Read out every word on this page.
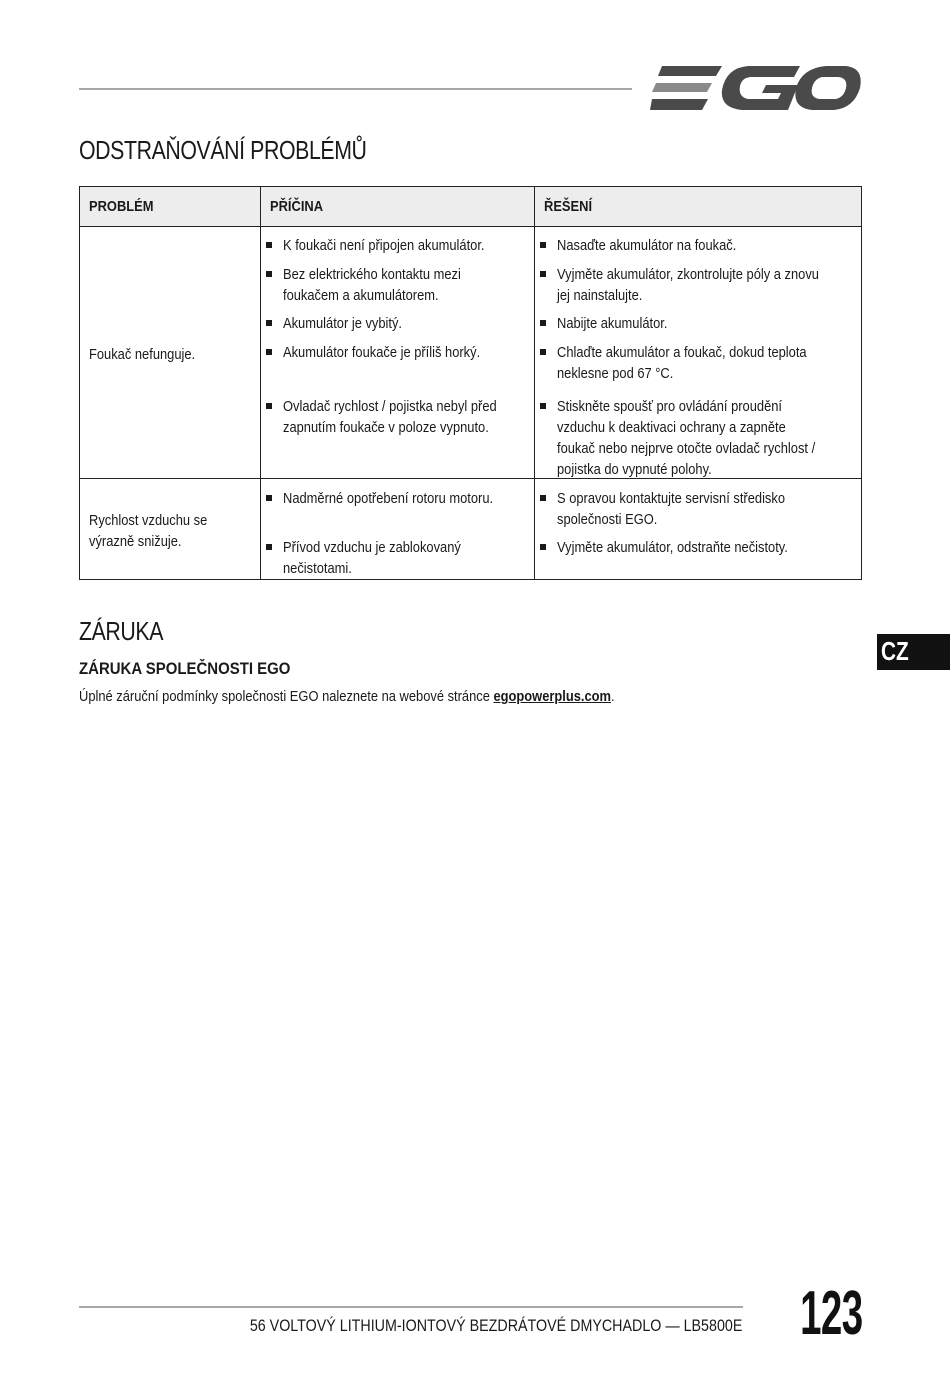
ODSTRAŇOVÁNÍ PROBLÉMŮ
PROBLÉM	PŘÍČINA	ŘEŠENÍ
Foukač nefunguje.
K foukači není připojen akumulátor.
Bez elektrického kontaktu mezi
foukačem a akumulátorem.
Akumulátor je vybitý.
Akumulátor foukače je příliš horký.
Ovladač rychlost / pojistka nebyl před
zapnutím foukače v poloze vypnuto.
Nasaďte akumulátor na foukač.
Vyjměte akumulátor, zkontrolujte póly a znovu
jej nainstalujte.
Nabijte akumulátor.
Chlaďte akumulátor a foukač, dokud teplota
neklesne pod 67 °C.
Stiskněte spoušť pro ovládání proudění
vzduchu k deaktivaci ochrany a zapněte
foukač nebo nejprve otočte ovladač rychlost /
pojistka do vypnuté polohy.
Rychlost vzduchu se
výrazně snižuje.
Nadměrné opotřebení rotoru motoru.
Přívod vzduchu je zablokovaný
nečistotami.
S opravou kontaktujte servisní středisko
společnosti EGO.
Vyjměte akumulátor, odstraňte nečistoty.
ZÁRUKA
ZÁRUKA SPOLEČNOSTI EGO
Úplné záruční podmínky společnosti EGO naleznete na webové stránce egopowerplus.com.
CZ
56 VOLTOVÝ LITHIUM-IONTOVÝ BEZDRÁTOVÉ DMYCHADLO — LB5800E 123
